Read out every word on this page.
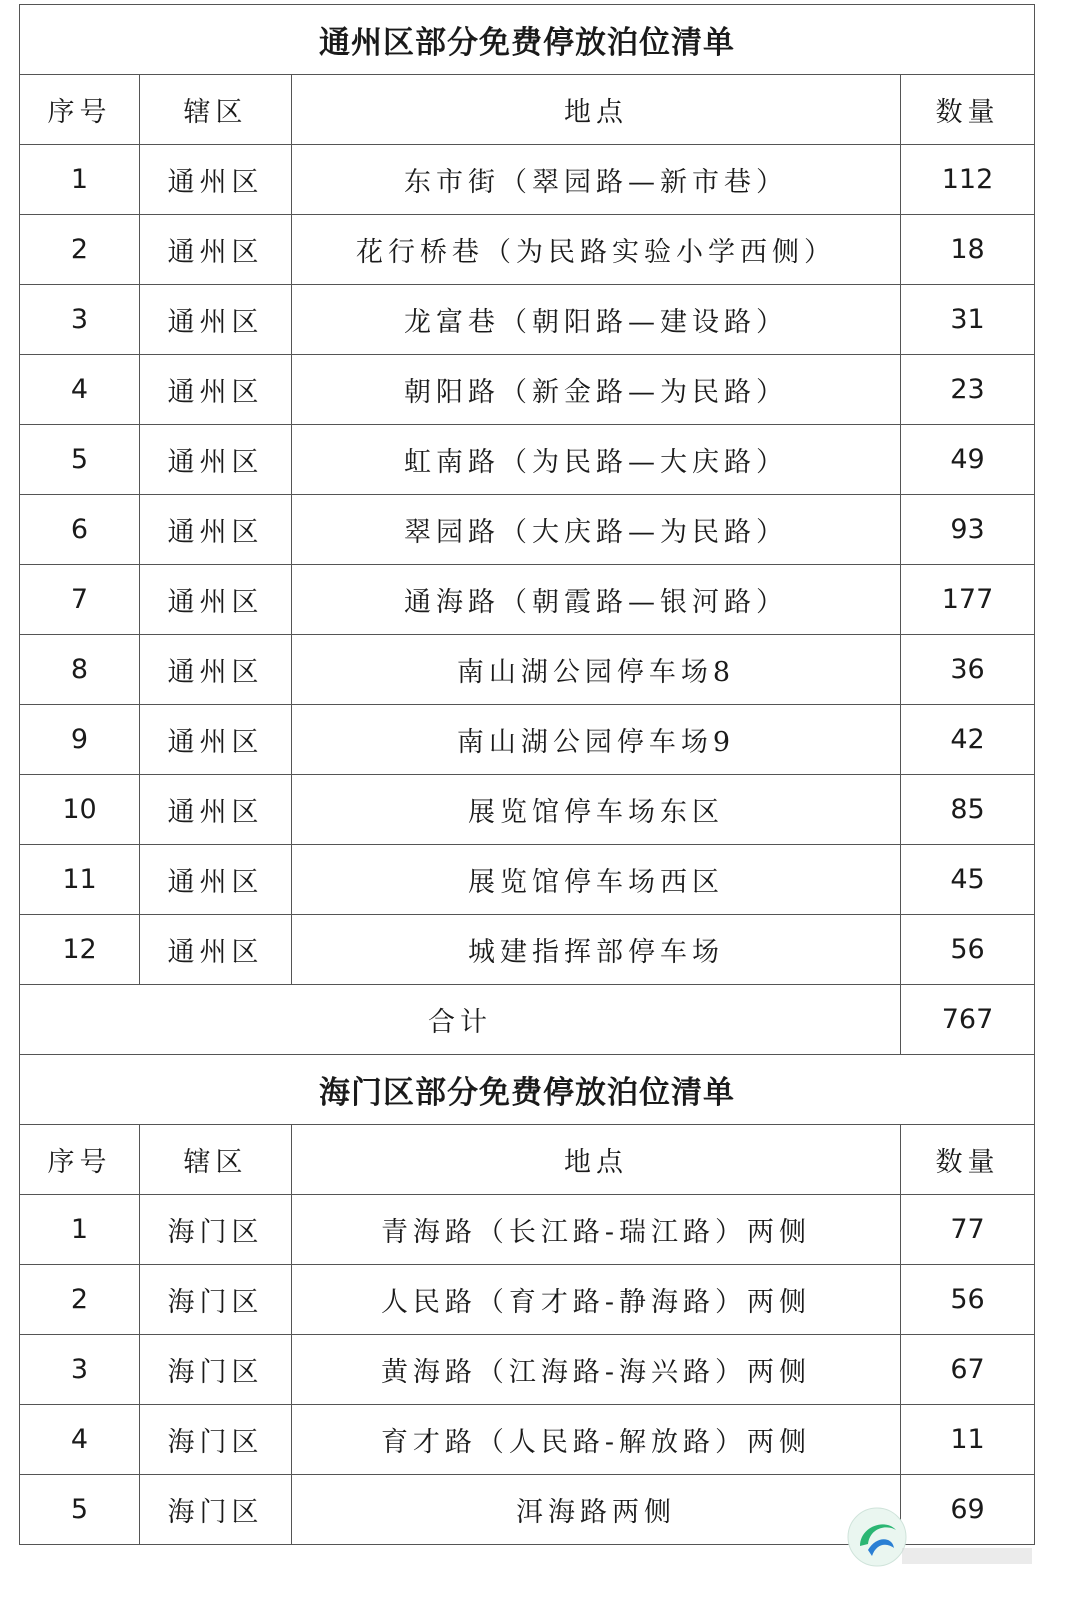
通州区部分免费停放泊位清单
序号	辖区	地点	数量
1	通州区	东市街（翠园路—新市巷）	112
2	通州区	花行桥巷（为民路实验小学西侧）	18
3	通州区	龙富巷（朝阳路—建设路）	31
4	通州区	朝阳路（新金路—为民路）	23
5	通州区	虹南路（为民路—大庆路）	49
6	通州区	翠园路（大庆路—为民路）	93
7	通州区	通海路（朝霞路—银河路）	177
8	通州区	南山湖公园停车场8	36
9	通州区	南山湖公园停车场9	42
10	通州区	展览馆停车场东区	85
11	通州区	展览馆停车场西区	45
12	通州区	城建指挥部停车场	56
合计	767
海门区部分免费停放泊位清单
序号	辖区	地点	数量
1	海门区	青海路（长江路-瑞江路）两侧	77
2	海门区	人民路（育才路-静海路）两侧	56
3	海门区	黄海路（江海路-海兴路）两侧	67
4	海门区	育才路（人民路-解放路）两侧	11
5	海门区	洱海路两侧	69
